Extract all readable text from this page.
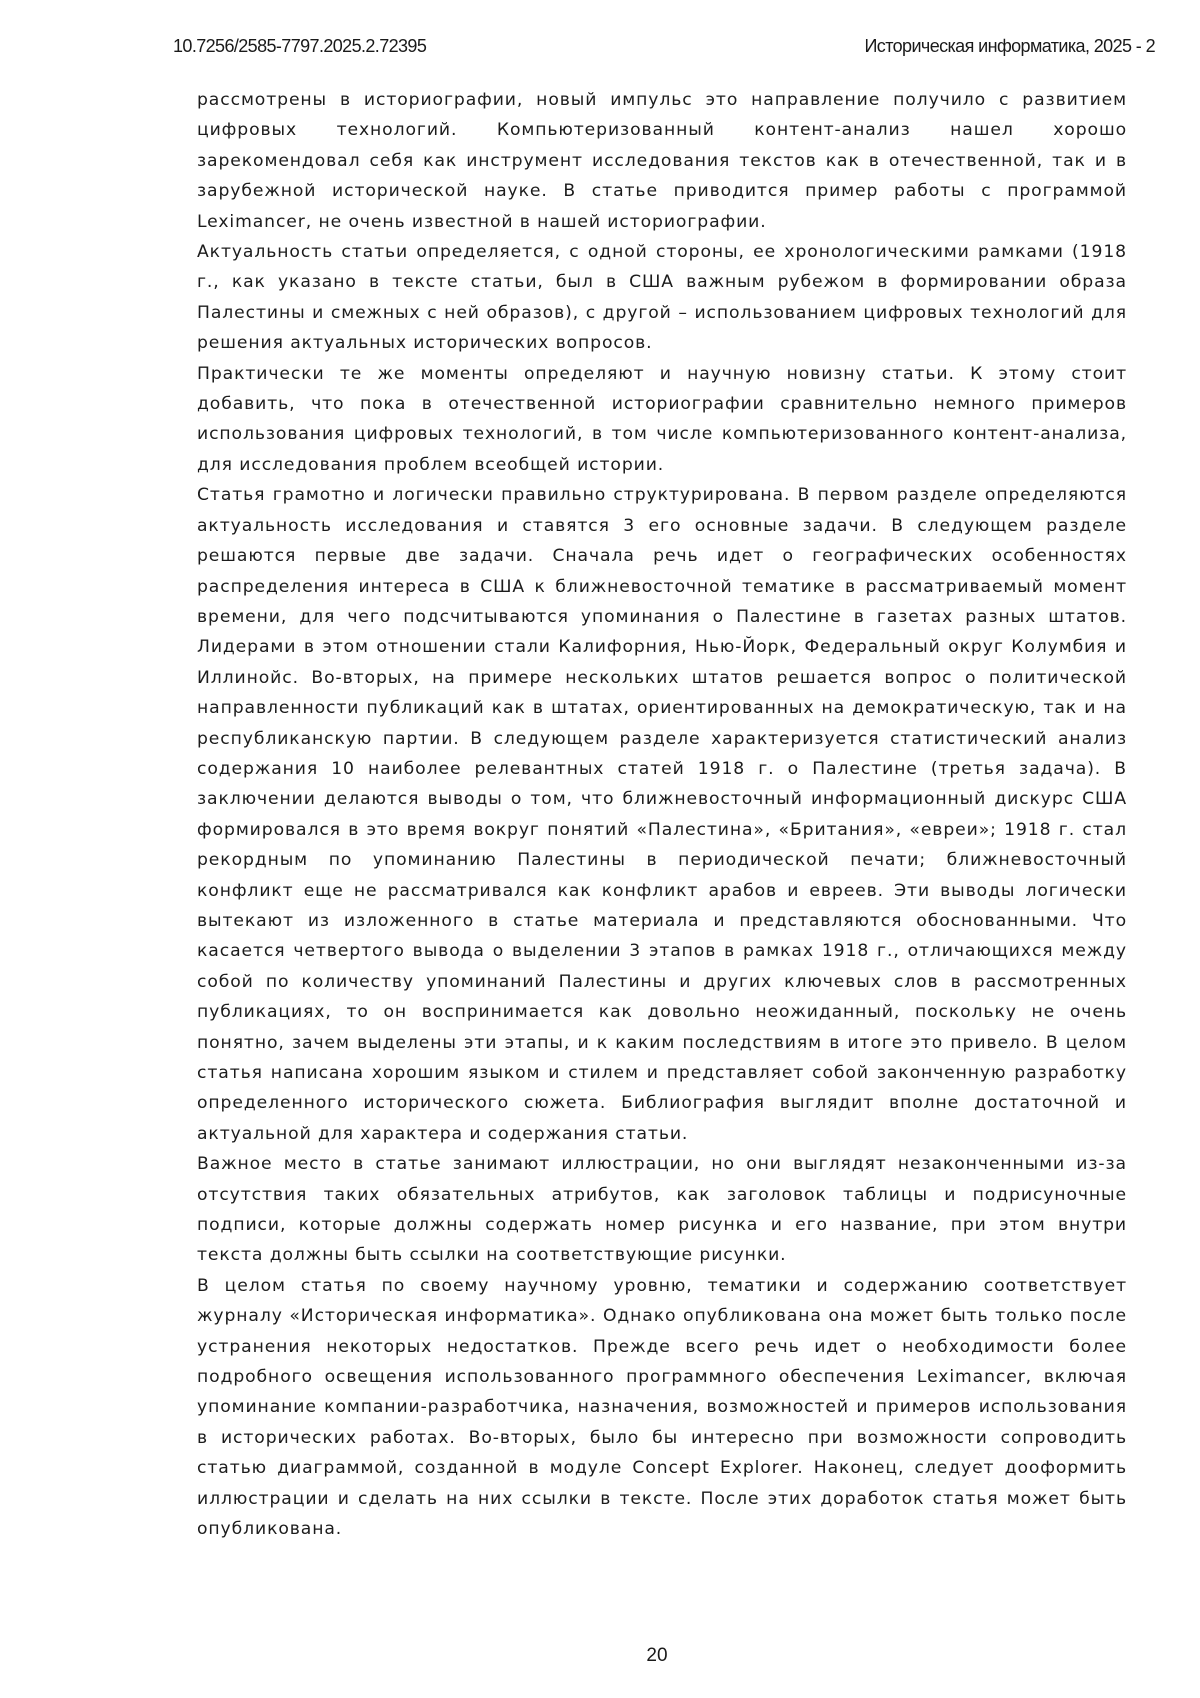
10.7256/2585-7797.2025.2.72395	Историческая информатика, 2025 - 2

рассмотрены в историографии, новый импульс это направление получило с развитием цифровых технологий. Компьютеризованный контент-анализ нашел хорошо зарекомендовал себя как инструмент исследования текстов как в отечественной, так и в зарубежной исторической науке. В статье приводится пример работы с программой Leximancer, не очень известной в нашей историографии.

Актуальность статьи определяется, с одной стороны, ее хронологическими рамками (1918 г., как указано в тексте статьи, был в США важным рубежом в формировании образа Палестины и смежных с ней образов), с другой – использованием цифровых технологий для решения актуальных исторических вопросов.

Практически те же моменты определяют и научную новизну статьи. К этому стоит добавить, что пока в отечественной историографии сравнительно немного примеров использования цифровых технологий, в том числе компьютеризованного контент-анализа, для исследования проблем всеобщей истории.

Статья грамотно и логически правильно структурирована. В первом разделе определяются актуальность исследования и ставятся 3 его основные задачи. В следующем разделе решаются первые две задачи. Сначала речь идет о географических особенностях распределения интереса в США к ближневосточной тематике в рассматриваемый момент времени, для чего подсчитываются упоминания о Палестине в газетах разных штатов. Лидерами в этом отношении стали Калифорния, Нью-Йорк, Федеральный округ Колумбия и Иллинойс. Во-вторых, на примере нескольких штатов решается вопрос о политической направленности публикаций как в штатах, ориентированных на демократическую, так и на республиканскую партии. В следующем разделе характеризуется статистический анализ содержания 10 наиболее релевантных статей 1918 г. о Палестине (третья задача). В заключении делаются выводы о том, что ближневосточный информационный дискурс США формировался в это время вокруг понятий «Палестина», «Британия», «евреи»; 1918 г. стал рекордным по упоминанию Палестины в периодической печати; ближневосточный конфликт еще не рассматривался как конфликт арабов и евреев. Эти выводы логически вытекают из изложенного в статье материала и представляются обоснованными. Что касается четвертого вывода о выделении 3 этапов в рамках 1918 г., отличающихся между собой по количеству упоминаний Палестины и других ключевых слов в рассмотренных публикациях, то он воспринимается как довольно неожиданный, поскольку не очень понятно, зачем выделены эти этапы, и к каким последствиям в итоге это привело. В целом статья написана хорошим языком и стилем и представляет собой законченную разработку определенного исторического сюжета. Библиография выглядит вполне достаточной и актуальной для характера и содержания статьи.

Важное место в статье занимают иллюстрации, но они выглядят незаконченными из-за отсутствия таких обязательных атрибутов, как заголовок таблицы и подрисуночные подписи, которые должны содержать номер рисунка и его название, при этом внутри текста должны быть ссылки на соответствующие рисунки.

В целом статья по своему научному уровню, тематики и содержанию соответствует журналу «Историческая информатика». Однако опубликована она может быть только после устранения некоторых недостатков. Прежде всего речь идет о необходимости более подробного освещения использованного программного обеспечения Leximancer, включая упоминание компании-разработчика, назначения, возможностей и примеров использования в исторических работах. Во-вторых, было бы интересно при возможности сопроводить статью диаграммой, созданной в модуле Concept Explorer. Наконец, следует дооформить иллюстрации и сделать на них ссылки в тексте. После этих доработок статья может быть опубликована.

20
